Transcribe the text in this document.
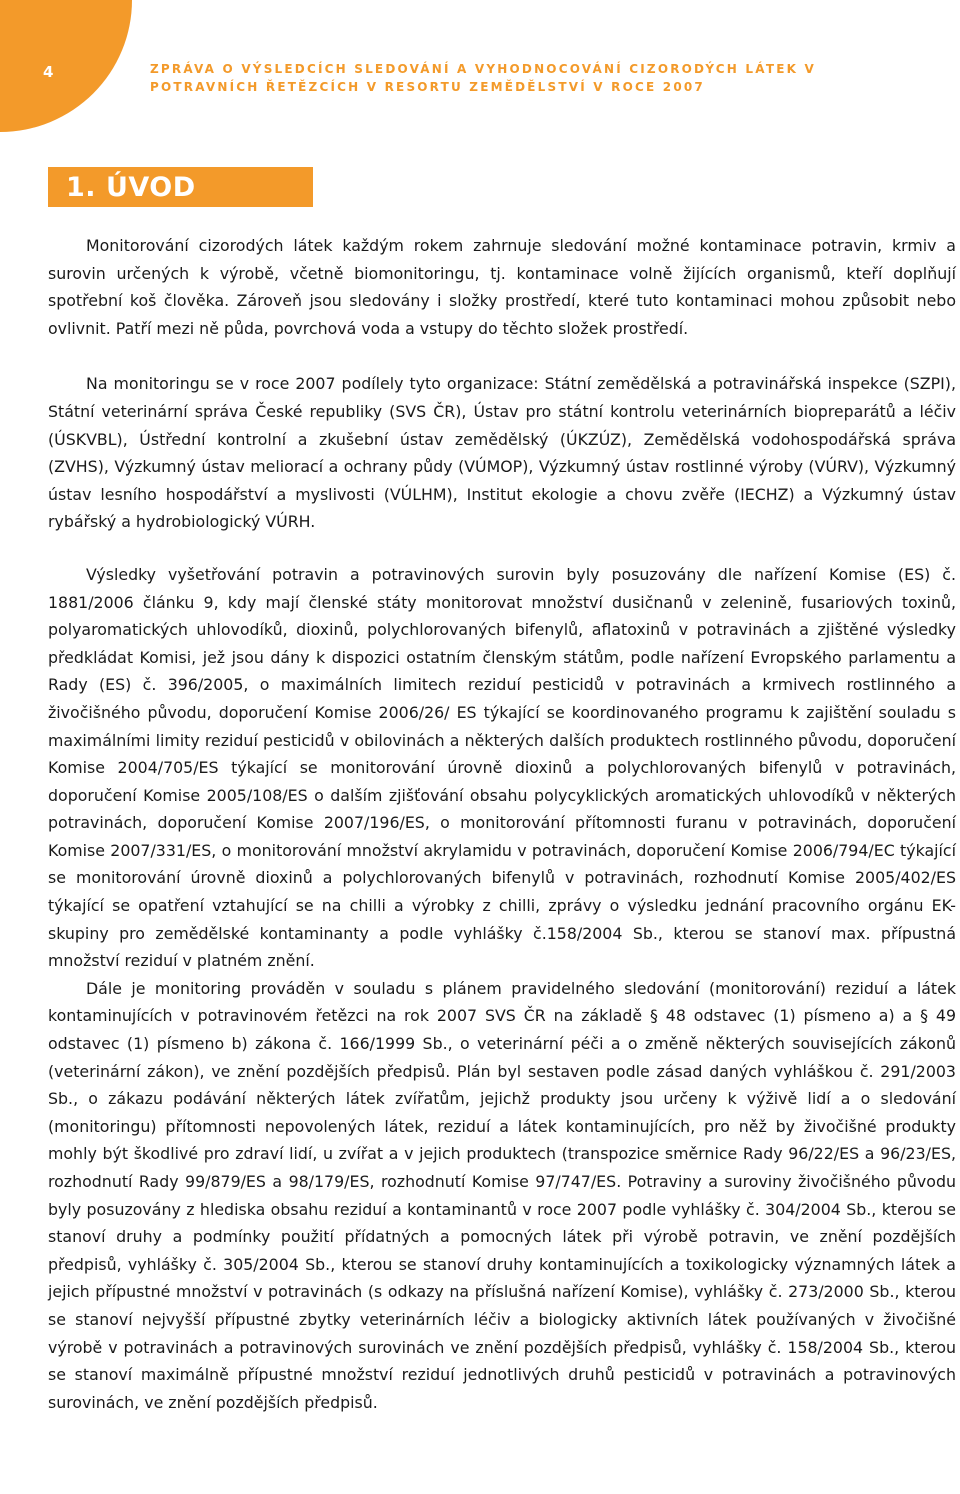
4	ZPRÁVA O VÝSLEDCÍCH SLEDOVÁNÍ A VYHODNOCOVÁNÍ CIZORODÝCH LÁTEK V POTRAVNÍCH ŘETĚZCÍCH V RESORTU ZEMĚDĚLSTVÍ V ROCE 2007
1. ÚVOD

Monitorování cizorodých látek každým rokem zahrnuje sledování možné kontaminace potravin, krmiv a surovin určených k výrobě, včetně biomonitoringu, tj. kontaminace volně žijících organismů, kteří doplňují spotřební koš člověka. Zároveň jsou sledovány i složky prostředí, které tuto kontaminaci mohou způsobit nebo ovlivnit. Patří mezi ně půda, povrchová voda a vstupy do těchto složek prostředí.

Na monitoringu se v roce 2007 podílely tyto organizace: Státní zemědělská a potravinářská inspekce (SZPI), Státní veterinární správa České republiky (SVS ČR), Ústav pro státní kontrolu veterinárních biopreparátů a léčiv (ÚSKVBL), Ústřední kontrolní a zkušební ústav zemědělský (ÚKZÚZ), Zemědělská vodohospodářská správa (ZVHS), Výzkumný ústav meliorací a ochrany půdy (VÚMOP), Výzkumný ústav rostlinné výroby (VÚRV), Výzkumný ústav lesního hospodářství a myslivosti (VÚLHM), Institut ekologie a chovu zvěře (IECHZ) a Výzkumný ústav rybářský a hydrobiologický VÚRH.

Výsledky vyšetřování potravin a potravinových surovin byly posuzovány dle nařízení Komise (ES) č. 1881/2006 článku 9, kdy mají členské státy monitorovat množství dusičnanů v zelenině, fusariových toxinů, polyaromatických uhlovodíků, dioxinů, polychlorovaných bifenylů, aflatoxinů v potravinách a zjištěné výsledky předkládat Komisi, jež jsou dány k dispozici ostatním členským státům, podle nařízení Evropského parlamentu a Rady (ES) č. 396/2005, o maximálních limitech reziduí pesticidů v potravinách a krmivech rostlinného a živočišného původu, doporučení Komise 2006/26/ ES týkající se koordinovaného programu k zajištění souladu s maximálními limity reziduí pesticidů v obilovinách a některých dalších produktech rostlinného původu, doporučení Komise 2004/705/ES týkající se monitorování úrovně dioxinů a polychlorovaných bifenylů v potravinách, doporučení Komise 2005/108/ES o dalším zjišťování obsahu polycyklických aromatických uhlovodíků v některých potravinách, doporučení Komise 2007/196/ES, o monitorování přítomnosti furanu v potravinách, doporučení Komise 2007/331/ES, o monitorování množství akrylamidu v potravinách, doporučení Komise 2006/794/EC týkající se monitorování úrovně dioxinů a polychlorovaných bifenylů v potravinách, rozhodnutí Komise 2005/402/ES týkající se opatření vztahující se na chilli a výrobky z chilli, zprávy o výsledku jednání pracovního orgánu EK- skupiny pro zemědělské kontaminanty a podle vyhlášky č.158/2004 Sb., kterou se stanoví max. přípustná množství reziduí v platném znění.

Dále je monitoring prováděn v souladu s plánem pravidelného sledování (monitorování) reziduí a látek kontaminujících v potravinovém řetězci na rok 2007 SVS ČR na základě § 48 odstavec (1) písmeno a) a § 49 odstavec (1) písmeno b) zákona č. 166/1999 Sb., o veterinární péči a o změně některých souvisejících zákonů (veterinární zákon), ve znění pozdějších předpisů. Plán byl sestaven podle zásad daných vyhláškou č. 291/2003 Sb., o zákazu podávání některých látek zvířatům, jejichž produkty jsou určeny k výživě lidí a o sledování (monitoringu) přítomnosti nepovolených látek, reziduí a látek kontaminujících, pro něž by živočišné produkty mohly být škodlivé pro zdraví lidí, u zvířat a v jejich produktech (transpozice směrnice Rady 96/22/ES a 96/23/ES, rozhodnutí Rady 99/879/ES a 98/179/ES, rozhodnutí Komise 97/747/ES. Potraviny a suroviny živočišného původu byly posuzovány z hlediska obsahu reziduí a kontaminantů v roce 2007 podle vyhlášky č. 304/2004 Sb., kterou se stanoví druhy a podmínky použití přídatných a pomocných látek při výrobě potravin, ve znění pozdějších předpisů, vyhlášky č. 305/2004 Sb., kterou se stanoví druhy kontaminujících a toxikologicky významných látek a jejich přípustné množství v potravinách (s odkazy na příslušná nařízení Komise), vyhlášky č. 273/2000 Sb., kterou se stanoví nejvyšší přípustné zbytky veterinárních léčiv a biologicky aktivních látek používaných v živočišné výrobě v potravinách a potravinových surovinách ve znění pozdějších předpisů, vyhlášky č. 158/2004 Sb., kterou se stanoví maximálně přípustné množství reziduí jednotlivých druhů pesticidů v potravinách a potravinových surovinách, ve znění pozdějších předpisů.
